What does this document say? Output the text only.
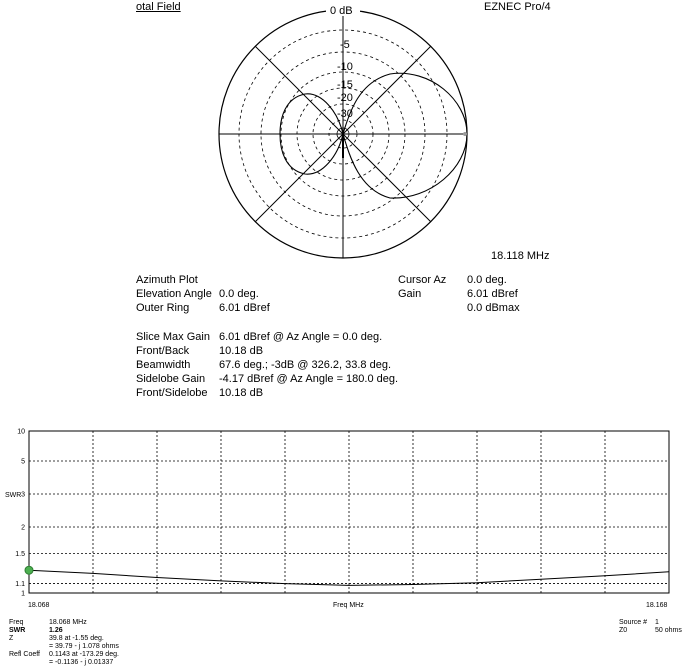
otal Field	EZNEC Pro/4
0 dB
-5
-10
-15
-20
-30
18.118 MHz
Azimuth Plot
Elevation Angle 0.0 deg.
Outer Ring	6.01 dBref
Cursor Az 0.0 deg.
Gain	6.01 dBref
0.0 dBmax
Slice Max Gain 6.01 dBref @ Az Angle = 0.0 deg.
Front/Back	10.18 dB
Beamwidth	67.6 deg.; -3dB @ 326.2, 33.8 deg.
Sidelobe Gain -4.17 dBref @ Az Angle = 180.0 deg.
Front/Sidelobe 10.18 dB
10
5
3
2
1.5
1.1
1
SWR
18.068	Freq MHz	18.168
Freq	18.068 MHz
SWR	1.26
Z	39.8 at -1.55 deg.
= 39.79 - j 1.078 ohms
Refl Coeff 0.1143 at -173.29 deg.
= -0.1136 - j 0.01337
Source # 1
Z0	50 ohms
